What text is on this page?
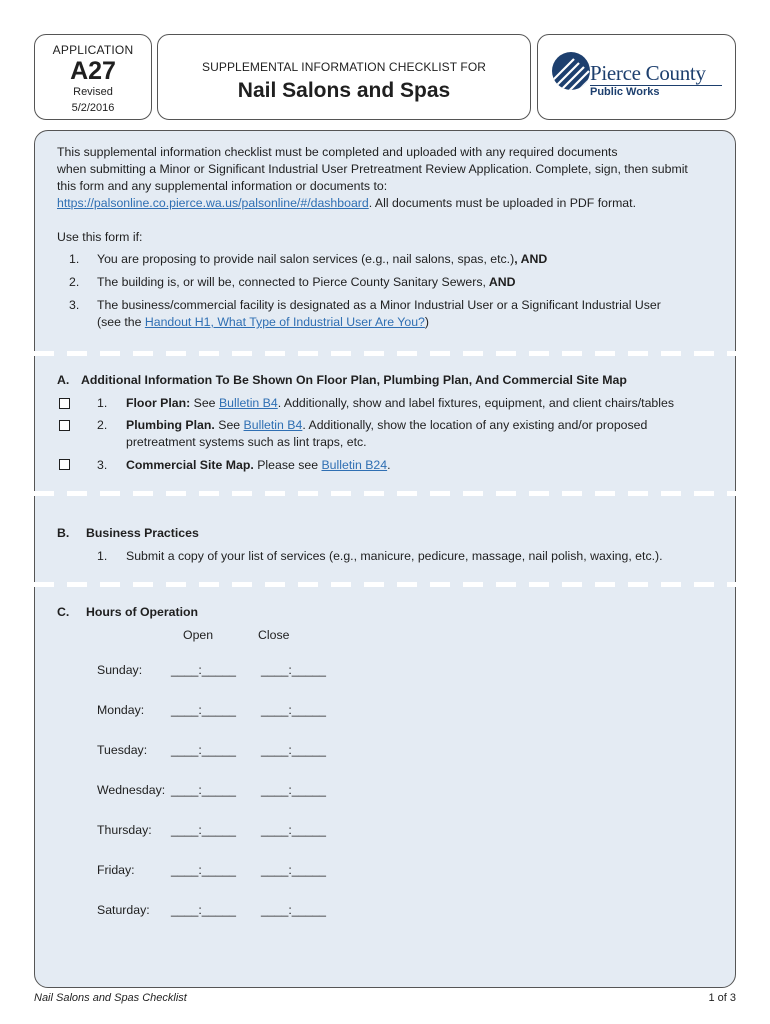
APPLICATION
A27
Revised
5/2/2016
SUPPLEMENTAL INFORMATION CHECKLIST FOR
Nail Salons and Spas
Pierce County
Public Works
This supplemental information checklist must be completed and uploaded with any required documents
when submitting a Minor or Significant Industrial User Pretreatment Review Application. Complete, sign, then submit
this form and any supplemental information or documents to:
https://palsonline.co.pierce.wa.us/palsonline/#/dashboard. All documents must be uploaded in PDF format.
Use this form if:
1. You are proposing to provide nail salon services (e.g., nail salons, spas, etc.), AND
2. The building is, or will be, connected to Pierce County Sanitary Sewers, AND
3. The business/commercial facility is designated as a Minor Industrial User or a Significant Industrial User
(see the Handout H1, What Type of Industrial User Are You?)
A. Additional Information To Be Shown On Floor Plan, Plumbing Plan, And Commercial Site Map
1. Floor Plan: See Bulletin B4. Additionally, show and label fixtures, equipment, and client chairs/tables
2. Plumbing Plan. See Bulletin B4. Additionally, show the location of any existing and/or proposed
pretreatment systems such as lint traps, etc.
3. Commercial Site Map. Please see Bulletin B24.
B. Business Practices
1. Submit a copy of your list of services (e.g., manicure, pedicure, massage, nail polish, waxing, etc.).
C. Hours of Operation
Open	Close
Sunday: ____:_____ ____:_____
Monday: ____:_____ ____:_____
Tuesday: ____:_____ ____:_____
Wednesday: ____:_____ ____:_____
Thursday: ____:_____ ____:_____
Friday:	____:_____ ____:_____
Saturday: ____:_____ ____:_____
Nail Salons and Spas Checklist	1 of 3
